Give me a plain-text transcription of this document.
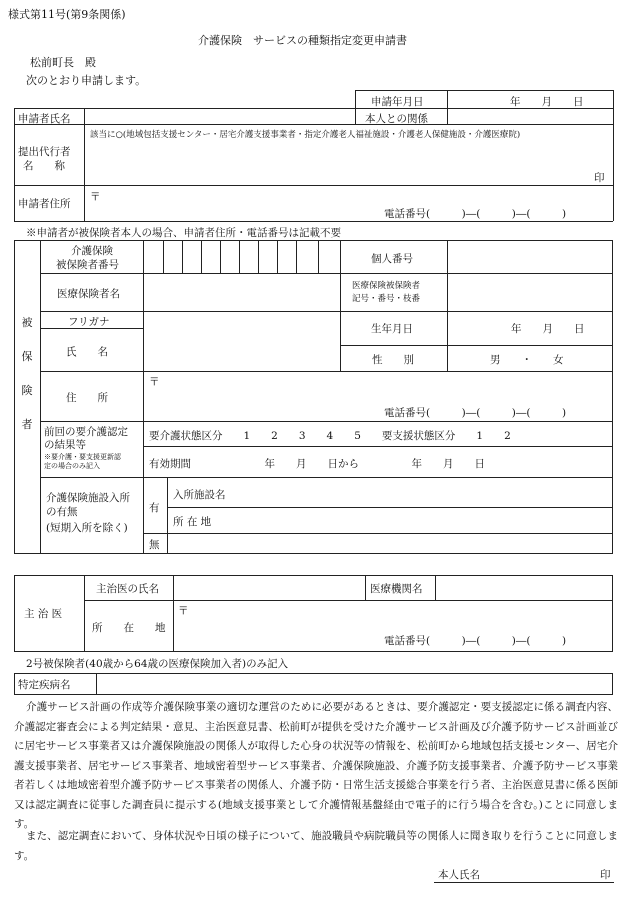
様式第11号(第9条関係)
介護保険　サービスの種類指定変更申請書
松前町長　殿
次のとおり申請します。
申請年月日	年　　月　　日
申請者氏名	本人との関係
提出代行者
名　　称
該当に○(地域包括支援センター・居宅介護支援事業者・指定介護老人福祉施設・介護老人保健施設・介護医療院)
印
申請者住所
〒
電話番号(　　　)―(　　　)―(　　　)
※申請者が被保険者本人の場合、申請者住所・電話番号は記載不要
被
保
険
者
介護保険
被保険者番号	個人番号
医療保険者名
医療保険被保険者
記号・番号・枝番
フリガナ
氏　　名
生年月日	年　　月　　日
性　　別	男　　・　　女
住　　所
〒
電話番号(　　　)―(　　　)―(　　　)
前回の要介護認定
の結果等
※要介護・要支援更新認
定の場合のみ記入
要介護状態区分　　1　　2　　3　　4　　5　　要支援状態区分　　1　　2
有効期間　　　　　　　年　　月　　日から　　　　　年　　月　　日
介護保険施設入所
の有無
(短期入所を除く)
有
無
入所施設名
所 在 地
主 治 医
主治医の氏名	医療機関名
所　　在　　地
〒
電話番号(　　　)―(　　　)―(　　　)
2号被保険者(40歳から64歳の医療保険加入者)のみ記入
特定疾病名
介護サービス計画の作成等介護保険事業の適切な運営のために必要があるときは、要介護認定・要支援認定に係る調査内容、介護認定審査会による判定結果・意見、主治医意見書、松前町が提供を受けた介護サービス計画及び介護予防サービス計画並びに居宅サービス事業者又は介護保険施設の関係人が取得した心身の状況等の情報を、松前町から地域包括支援センター、居宅介護支援事業者、居宅サービス事業者、地域密着型サービス事業者、介護保険施設、介護予防支援事業者、介護予防サービス事業者若しくは地域密着型介護予防サービス事業者の関係人、介護予防・日常生活支援総合事業を行う者、主治医意見書に係る医師又は認定調査に従事した調査員に提示する(地域支援事業として介護情報基盤経由で電子的に行う場合を含む。)ことに同意します。
また、認定調査において、身体状況や日頃の様子について、施設職員や病院職員等の関係人に聞き取りを行うことに同意します。
本人氏名	印
